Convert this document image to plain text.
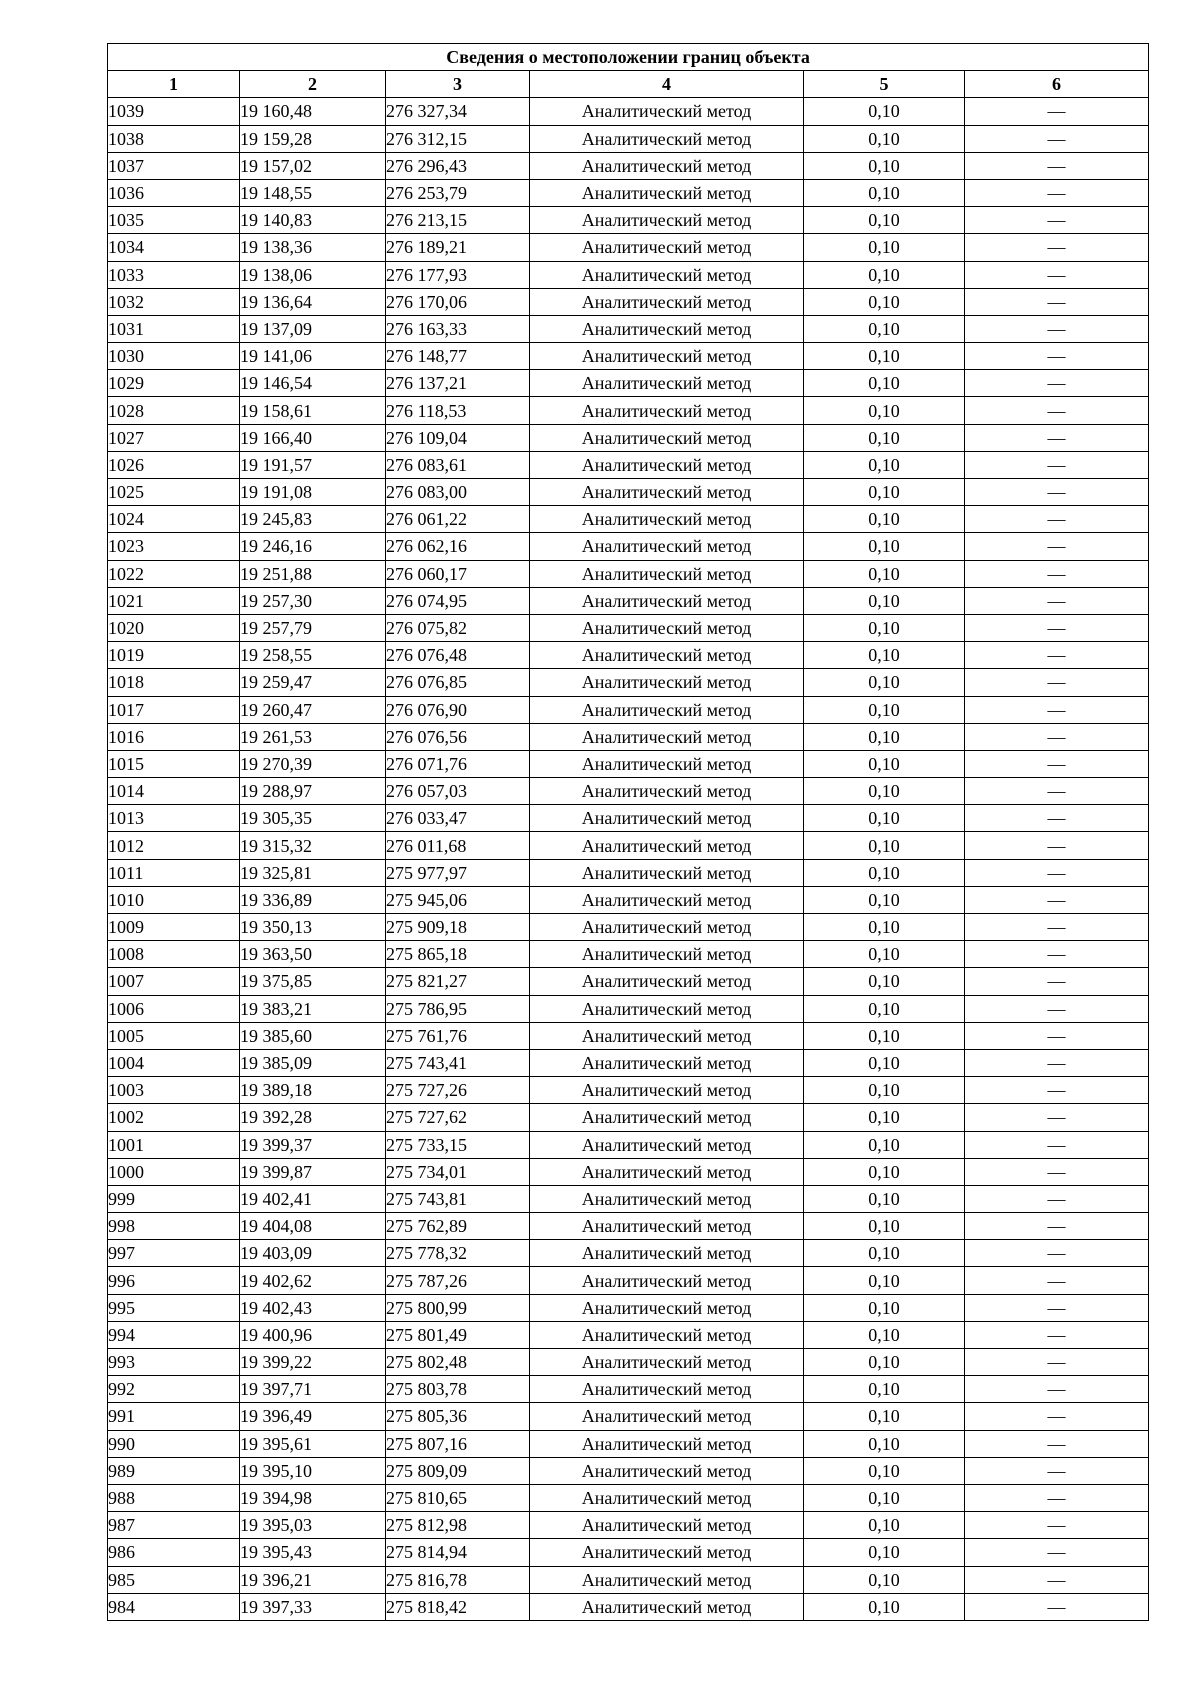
Сведения о местоположении границ объекта					
1	2	3	4	5	6
1039	19 160,48	276 327,34	Аналитический метод	0,10	—
1038	19 159,28	276 312,15	Аналитический метод	0,10	—
1037	19 157,02	276 296,43	Аналитический метод	0,10	—
1036	19 148,55	276 253,79	Аналитический метод	0,10	—
1035	19 140,83	276 213,15	Аналитический метод	0,10	—
1034	19 138,36	276 189,21	Аналитический метод	0,10	—
1033	19 138,06	276 177,93	Аналитический метод	0,10	—
1032	19 136,64	276 170,06	Аналитический метод	0,10	—
1031	19 137,09	276 163,33	Аналитический метод	0,10	—
1030	19 141,06	276 148,77	Аналитический метод	0,10	—
1029	19 146,54	276 137,21	Аналитический метод	0,10	—
1028	19 158,61	276 118,53	Аналитический метод	0,10	—
1027	19 166,40	276 109,04	Аналитический метод	0,10	—
1026	19 191,57	276 083,61	Аналитический метод	0,10	—
1025	19 191,08	276 083,00	Аналитический метод	0,10	—
1024	19 245,83	276 061,22	Аналитический метод	0,10	—
1023	19 246,16	276 062,16	Аналитический метод	0,10	—
1022	19 251,88	276 060,17	Аналитический метод	0,10	—
1021	19 257,30	276 074,95	Аналитический метод	0,10	—
1020	19 257,79	276 075,82	Аналитический метод	0,10	—
1019	19 258,55	276 076,48	Аналитический метод	0,10	—
1018	19 259,47	276 076,85	Аналитический метод	0,10	—
1017	19 260,47	276 076,90	Аналитический метод	0,10	—
1016	19 261,53	276 076,56	Аналитический метод	0,10	—
1015	19 270,39	276 071,76	Аналитический метод	0,10	—
1014	19 288,97	276 057,03	Аналитический метод	0,10	—
1013	19 305,35	276 033,47	Аналитический метод	0,10	—
1012	19 315,32	276 011,68	Аналитический метод	0,10	—
1011	19 325,81	275 977,97	Аналитический метод	0,10	—
1010	19 336,89	275 945,06	Аналитический метод	0,10	—
1009	19 350,13	275 909,18	Аналитический метод	0,10	—
1008	19 363,50	275 865,18	Аналитический метод	0,10	—
1007	19 375,85	275 821,27	Аналитический метод	0,10	—
1006	19 383,21	275 786,95	Аналитический метод	0,10	—
1005	19 385,60	275 761,76	Аналитический метод	0,10	—
1004	19 385,09	275 743,41	Аналитический метод	0,10	—
1003	19 389,18	275 727,26	Аналитический метод	0,10	—
1002	19 392,28	275 727,62	Аналитический метод	0,10	—
1001	19 399,37	275 733,15	Аналитический метод	0,10	—
1000	19 399,87	275 734,01	Аналитический метод	0,10	—
999	19 402,41	275 743,81	Аналитический метод	0,10	—
998	19 404,08	275 762,89	Аналитический метод	0,10	—
997	19 403,09	275 778,32	Аналитический метод	0,10	—
996	19 402,62	275 787,26	Аналитический метод	0,10	—
995	19 402,43	275 800,99	Аналитический метод	0,10	—
994	19 400,96	275 801,49	Аналитический метод	0,10	—
993	19 399,22	275 802,48	Аналитический метод	0,10	—
992	19 397,71	275 803,78	Аналитический метод	0,10	—
991	19 396,49	275 805,36	Аналитический метод	0,10	—
990	19 395,61	275 807,16	Аналитический метод	0,10	—
989	19 395,10	275 809,09	Аналитический метод	0,10	—
988	19 394,98	275 810,65	Аналитический метод	0,10	—
987	19 395,03	275 812,98	Аналитический метод	0,10	—
986	19 395,43	275 814,94	Аналитический метод	0,10	—
985	19 396,21	275 816,78	Аналитический метод	0,10	—
984	19 397,33	275 818,42	Аналитический метод	0,10	—
